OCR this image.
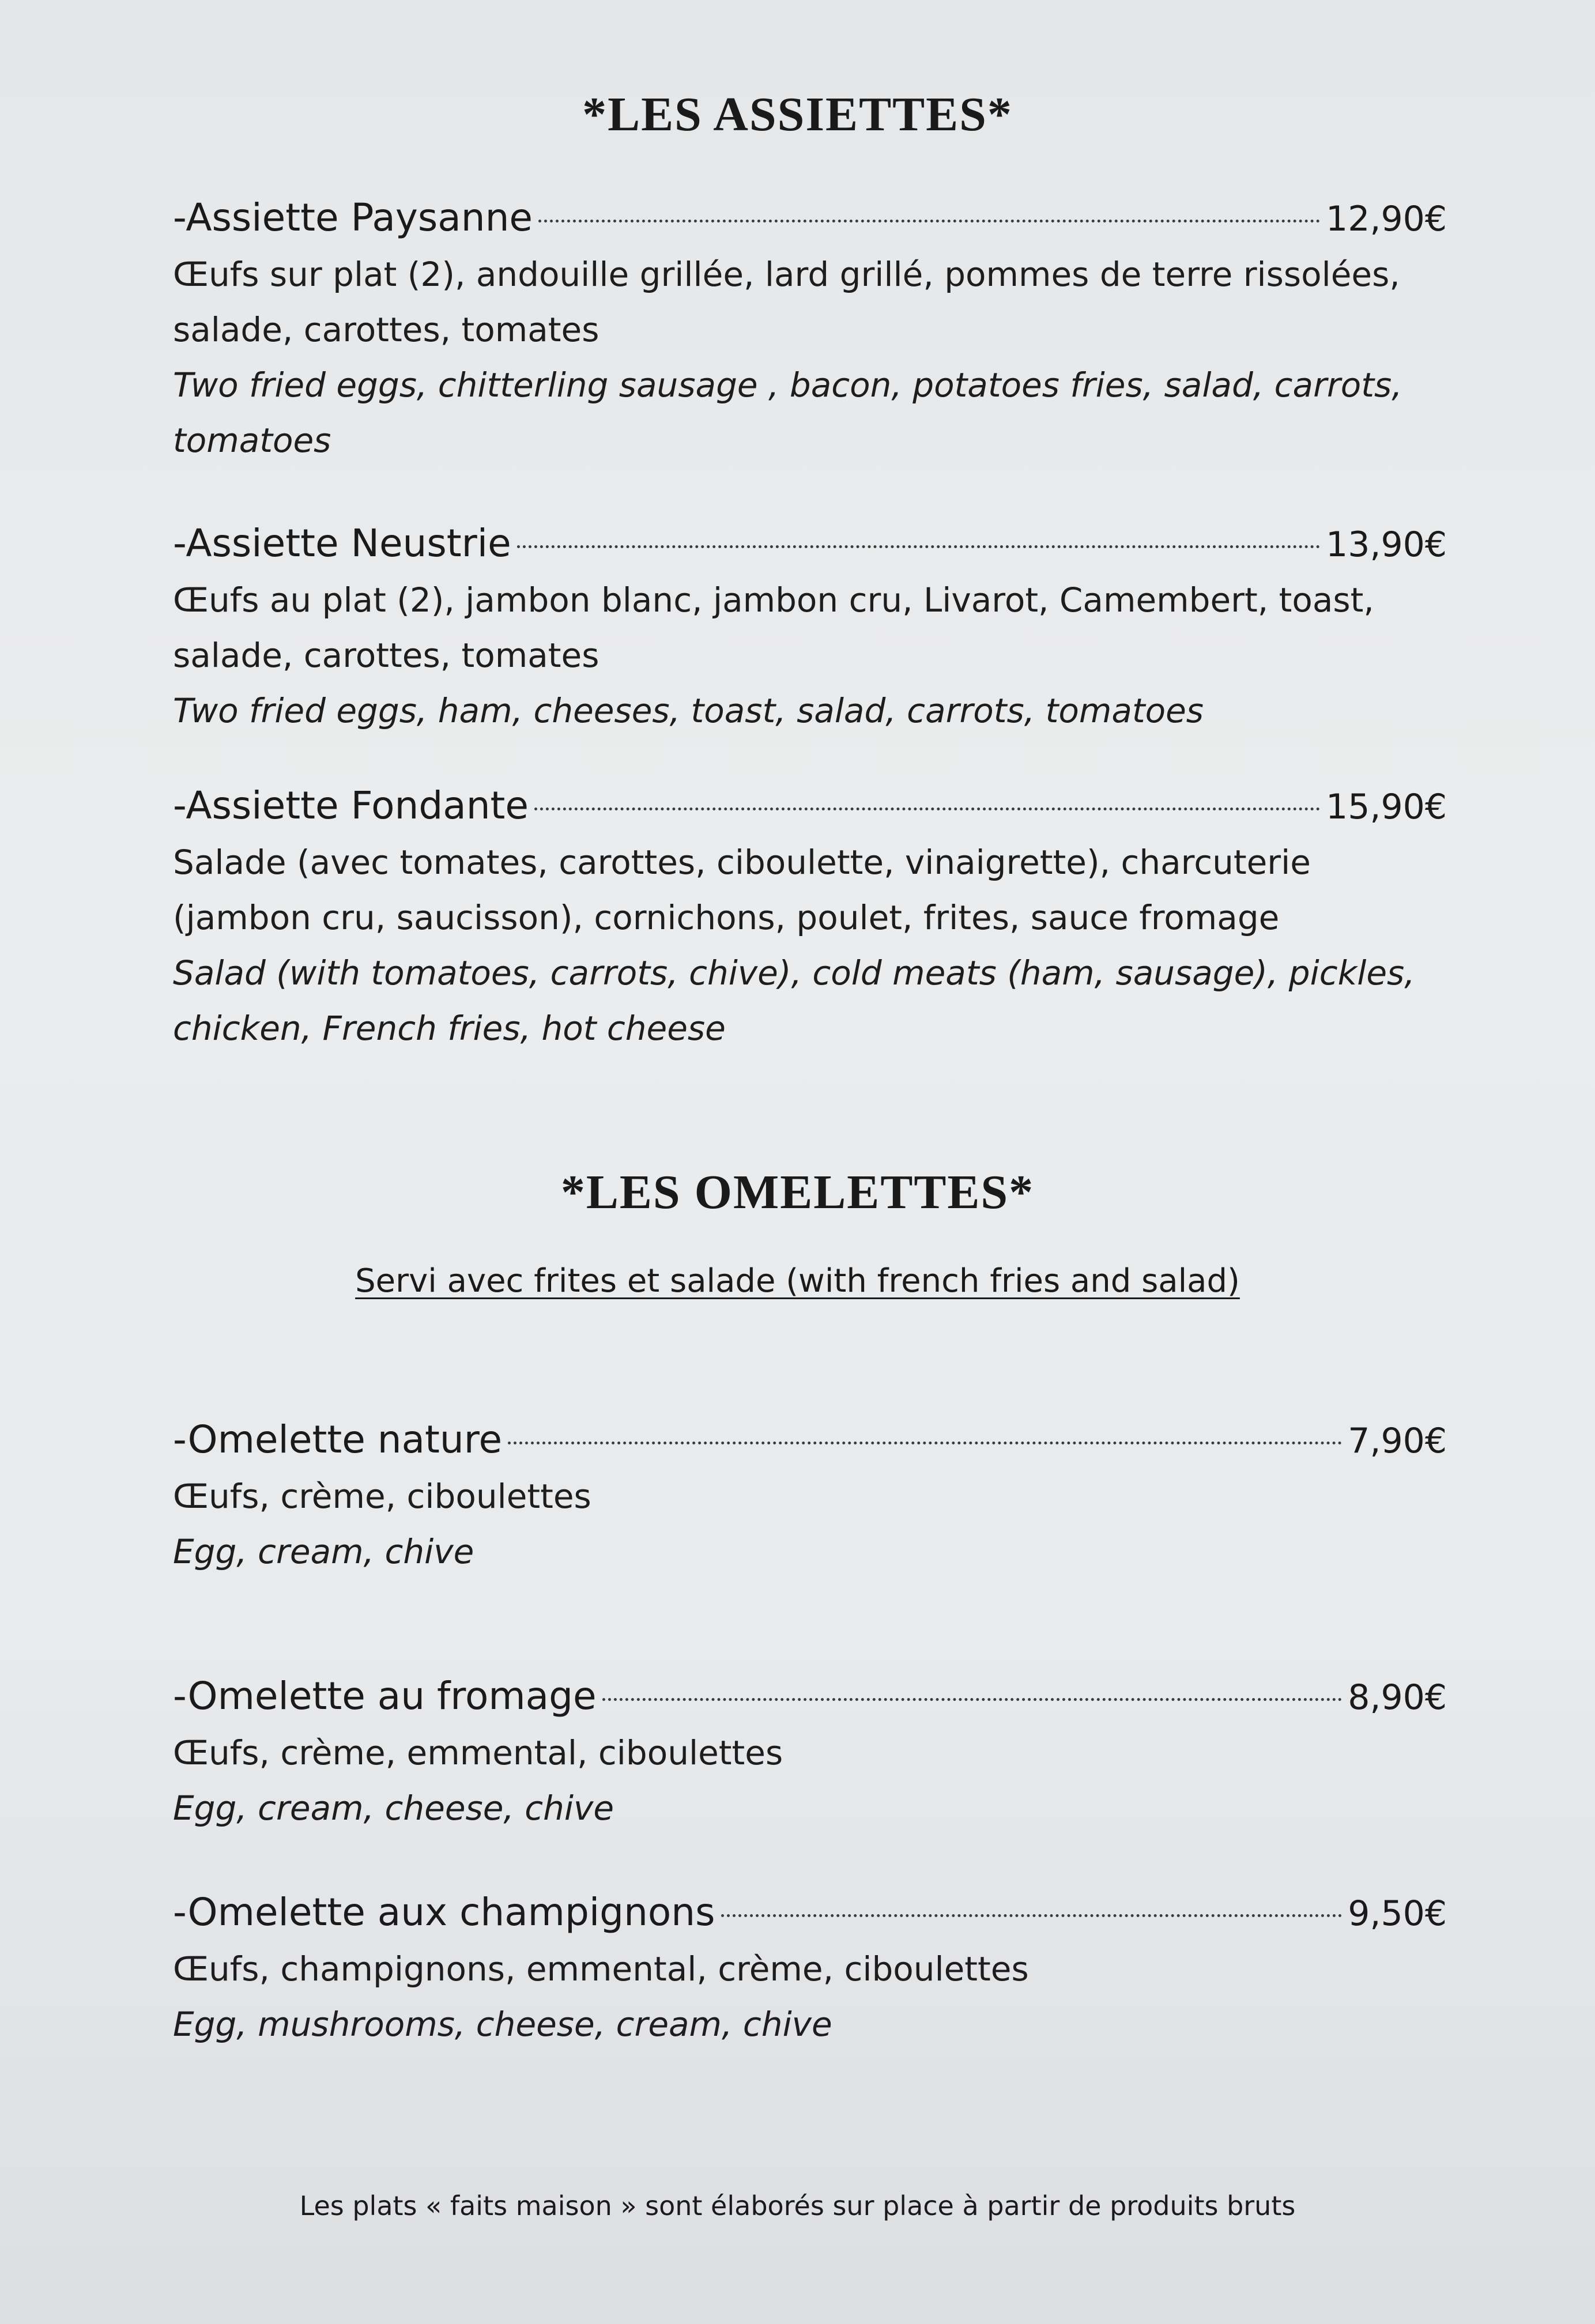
*LES ASSIETTES*
-Assiette Paysanne	12,90€
Œufs sur plat (2), andouille grillée, lard grillé, pommes de terre rissolées, salade, carottes, tomates
Two fried eggs, chitterling sausage , bacon, potatoes fries, salad, carrots, tomatoes
-Assiette Neustrie	13,90€
Œufs au plat (2), jambon blanc, jambon cru, Livarot, Camembert, toast, salade, carottes, tomates
Two fried eggs, ham, cheeses, toast, salad, carrots, tomatoes
-Assiette Fondante	15,90€
Salade (avec tomates, carottes, ciboulette, vinaigrette), charcuterie (jambon cru, saucisson), cornichons, poulet, frites, sauce fromage
Salad (with tomatoes, carrots, chive), cold meats (ham, sausage), pickles, chicken, French fries, hot cheese
*LES OMELETTES*
Servi avec frites et salade (with french fries and salad)
-Omelette nature	7,90€
Œufs, crème, ciboulettes
Egg, cream, chive
-Omelette au fromage	8,90€
Œufs, crème, emmental, ciboulettes
Egg, cream, cheese, chive
-Omelette aux champignons	9,50€
Œufs, champignons, emmental, crème, ciboulettes
Egg, mushrooms, cheese, cream, chive
Les plats « faits maison » sont élaborés sur place à partir de produits bruts
